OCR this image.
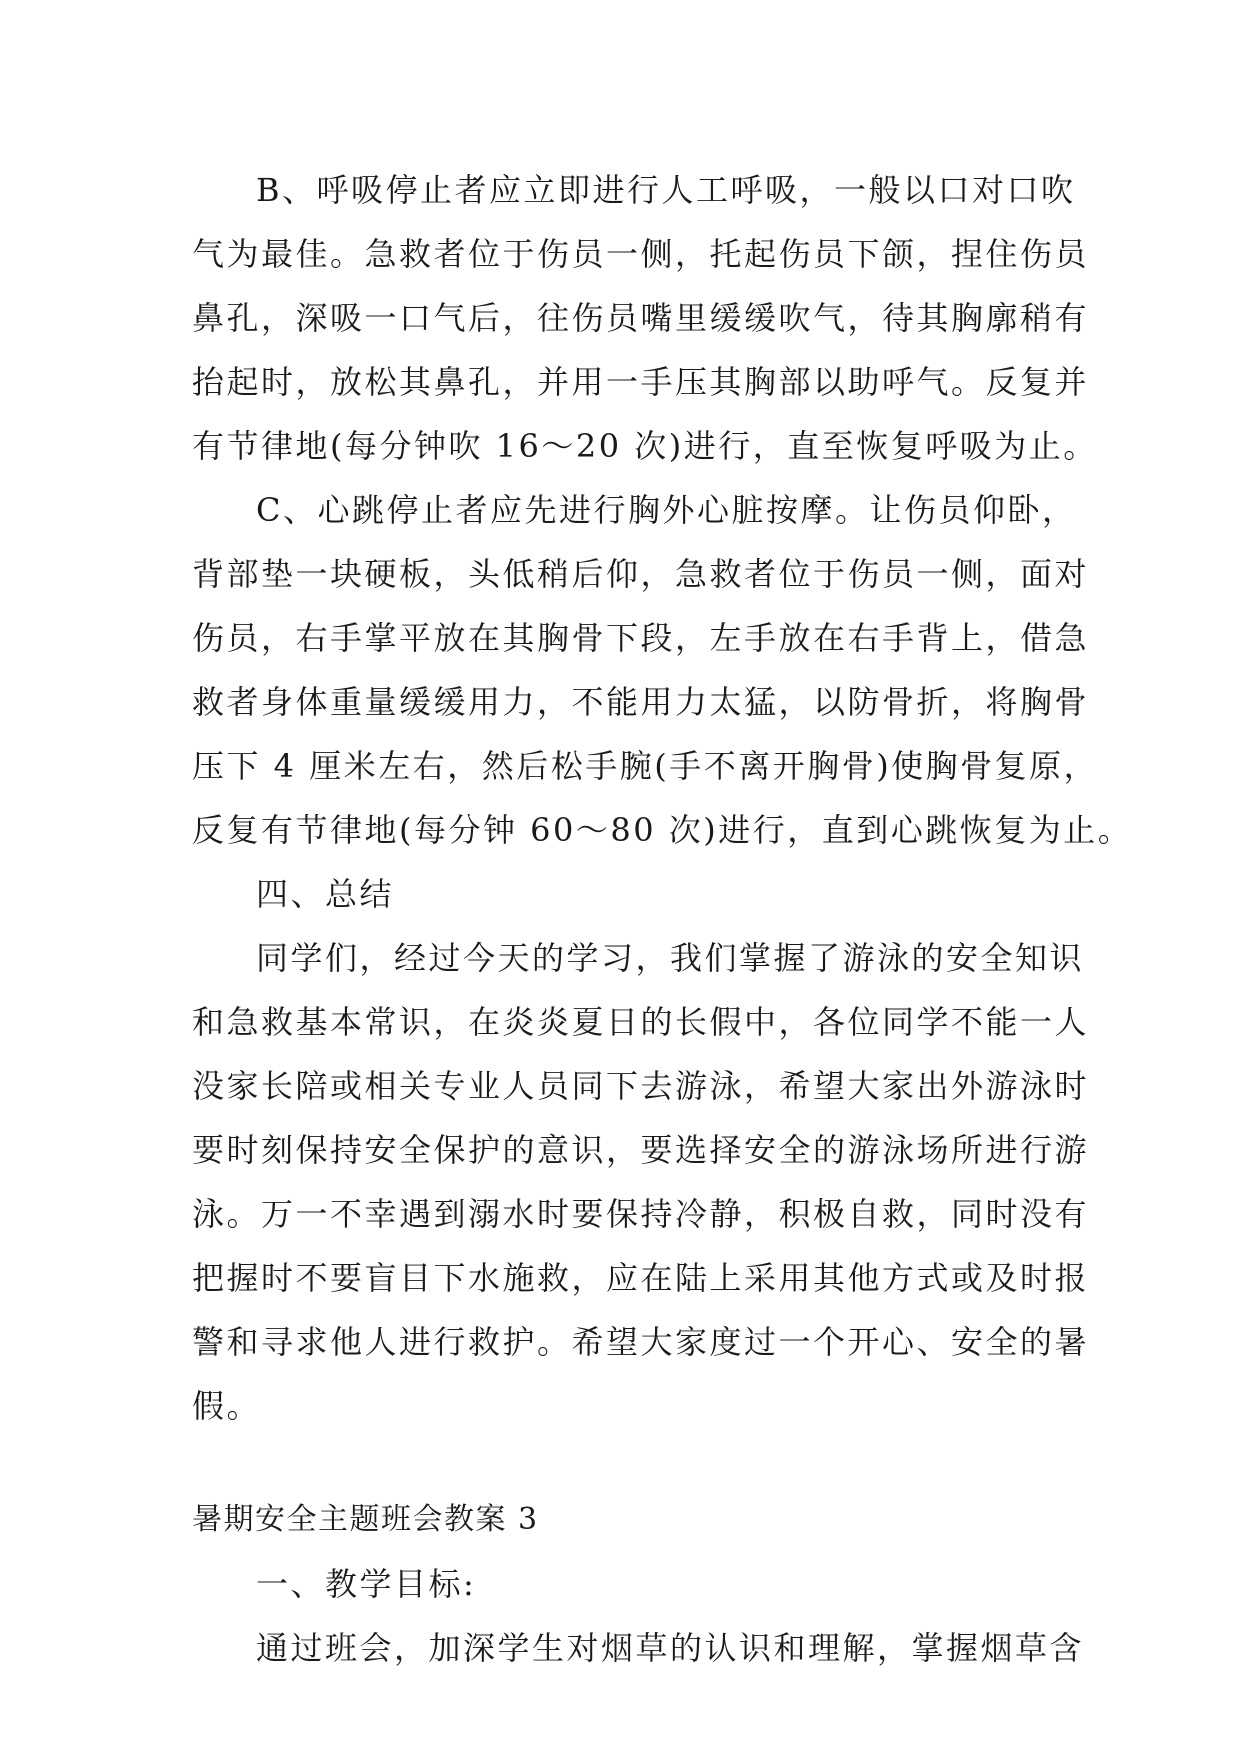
B、呼吸停止者应立即进行人工呼吸，一般以口对口吹
气为最佳。急救者位于伤员一侧，托起伤员下颌，捏住伤员
鼻孔，深吸一口气后，往伤员嘴里缓缓吹气，待其胸廓稍有
抬起时，放松其鼻孔，并用一手压其胸部以助呼气。反复并
有节律地(每分钟吹 16～20 次)进行，直至恢复呼吸为止。
C、心跳停止者应先进行胸外心脏按摩。让伤员仰卧，
背部垫一块硬板，头低稍后仰，急救者位于伤员一侧，面对
伤员，右手掌平放在其胸骨下段，左手放在右手背上，借急
救者身体重量缓缓用力，不能用力太猛，以防骨折，将胸骨
压下 4 厘米左右，然后松手腕(手不离开胸骨)使胸骨复原，
反复有节律地(每分钟 60～80 次)进行，直到心跳恢复为止。
四、总结
同学们，经过今天的学习，我们掌握了游泳的安全知识
和急救基本常识，在炎炎夏日的长假中，各位同学不能一人
没家长陪或相关专业人员同下去游泳，希望大家出外游泳时
要时刻保持安全保护的意识，要选择安全的游泳场所进行游
泳。万一不幸遇到溺水时要保持冷静，积极自救，同时没有
把握时不要盲目下水施救，应在陆上采用其他方式或及时报
警和寻求他人进行救护。希望大家度过一个开心、安全的暑
假。
暑期安全主题班会教案 3
一、教学目标:
通过班会，加深学生对烟草的认识和理解，掌握烟草含
